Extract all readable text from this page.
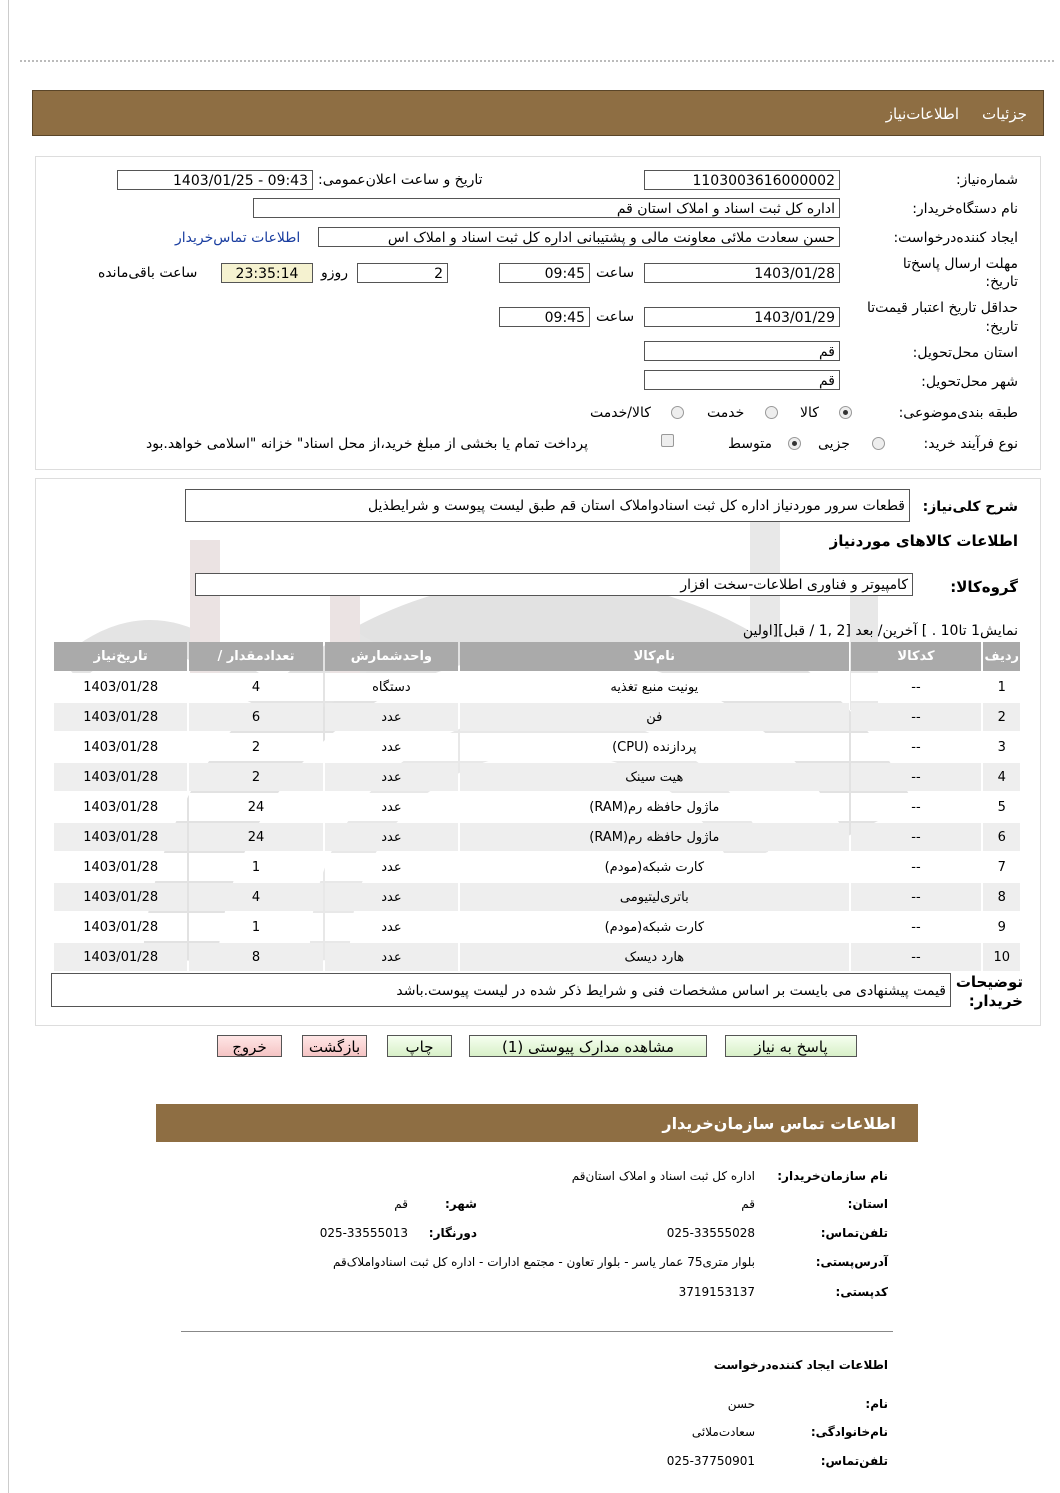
جزئیات
اطلاعات‌نیاز
شماره‌نیاز:
1103003616000002
تاریخ و ساعت اعلان‌عمومی:
1403/01/25 - 09:43
نام دستگاه‌خریدار:
اداره کل ثبت اسناد و املاک استان قم
ایجاد کننده‌درخواست:
حسن سعادت ملائی معاونت مالی و پشتیبانی اداره کل ثبت اسناد و املاک اس
اطلاعات تماس‌خریدار
مهلت ارسال پاسخ‌تا
تاریخ:
1403/01/28
ساعت
09:45
2
روزو
23:35:14
ساعت باقی‌مانده
حداقل تاریخ اعتبار قیمت‌تا
تاریخ:
1403/01/29
ساعت
09:45
استان محل‌تحویل:
قم
شهر محل‌تحویل:
قم
طبقه بندی‌موضوعی:
کالا
خدمت
کالا/خدمت
نوع فرآیند خرید:
جزیی
متوسط
پرداخت تمام یا بخشی از مبلغ خرید،از محل اسناد" خزانه "اسلامی خواهد.بود
شرح کلی‌نیاز:
قطعات سرور موردنیاز اداره کل ثبت اسنادواملاک استان قم طبق لیست پیوست و شرایطذیل
اطلاعات کالاهای موردنیاز
گروه‌کالا:
کامپیوتر و فناوری اطلاعات-سخت افزار
نمایش1 تا10 . ] آخرین/ بعد [2 ,1 / قبل][اولین
ردیف	کدکالا	نام‌کالا	واحدشمارش	تعدادمقدار /	تاریخ‌نیاز
1	--	یونیت منبع تغذیه	دستگاه	4	1403/01/28
2	--	فن	عدد	6	1403/01/28
3	--	پردازنده (CPU)	عدد	2	1403/01/28
4	--	هیت سینک	عدد	2	1403/01/28
5	--	ماژول حافظه رم(RAM)	عدد	24	1403/01/28
6	--	ماژول حافظه رم(RAM)	عدد	24	1403/01/28
7	--	کارت شبکه(مودم)	عدد	1	1403/01/28
8	--	باتری‌لیتیومی	عدد	4	1403/01/28
9	--	کارت شبکه(مودم)	عدد	1	1403/01/28
10	--	هارد دیسک	عدد	8	1403/01/28
توضیحات
خریدار:
قیمت پیشنهادی می بایست بر اساس مشخصات فنی و شرایط ذکر شده در لیست پیوست.باشد
پاسخ به نیاز
مشاهده مدارک پیوستی (1)
چاپ
بازگشت
خروج
اطلاعات تماس سازمان‌خریدار
نام سازمان‌خریدار:
اداره کل ثبت اسناد و املاک استان‌قم
استان:
قم
شهر:
قم
تلفن‌تماس:
025-33555028
دورنگار:
025-33555013
آدرس‌پستی:
بلوار متری75 عمار یاسر - بلوار تعاون - مجتمع ادارات - اداره کل ثبت اسنادواملاک‌قم
کدپستی:
3719153137
اطلاعات ایجاد کننده‌درخواست
نام:
حسن
نام‌خانوادگی:
سعادت‌ملائی
تلفن‌تماس:
025-37750901
